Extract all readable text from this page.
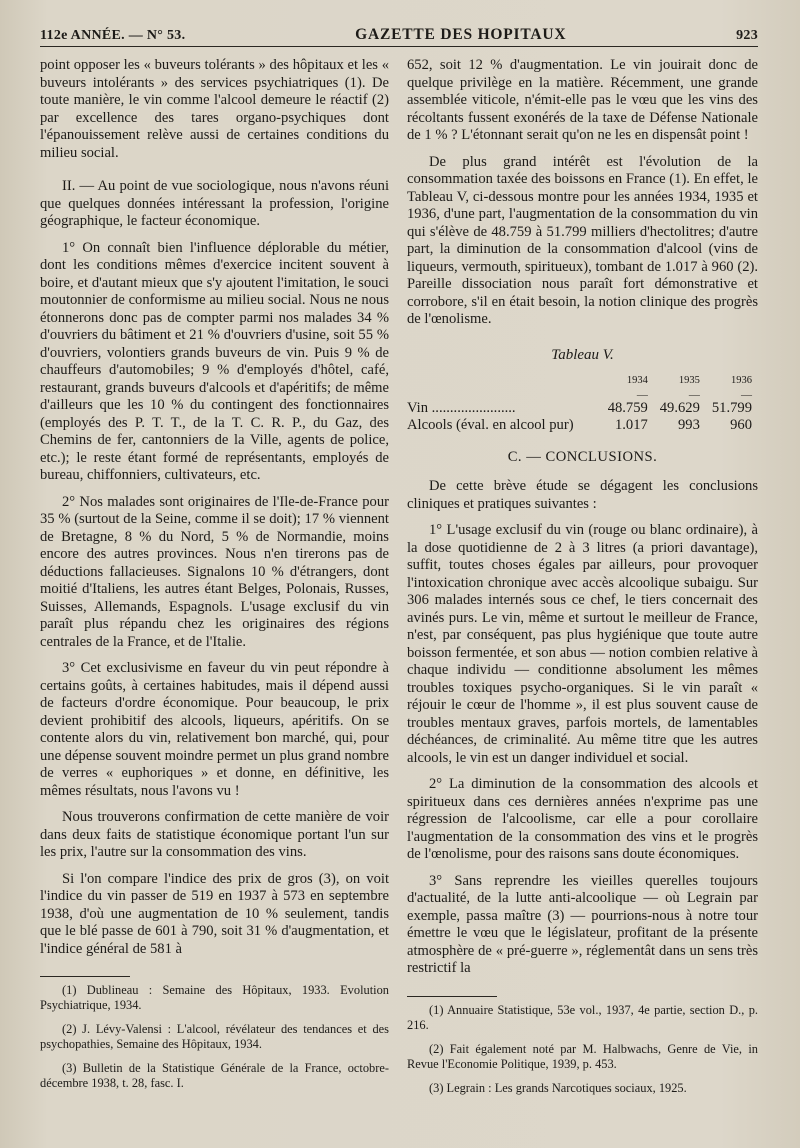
112e ANNÉE. — N° 53.	GAZETTE DES HOPITAUX	923

point opposer les « buveurs tolérants » des hôpitaux et les « buveurs intolérants » des services psychiatriques (1). De toute manière, le vin comme l'alcool demeure le réactif (2) par excellence des tares organo-psychiques dont l'épanouissement relève aussi de certaines conditions du milieu social.

II. — Au point de vue sociologique, nous n'avons réuni que quelques données intéressant la profession, l'origine géographique, le facteur économique.

1° On connaît bien l'influence déplorable du métier, dont les conditions mêmes d'exercice incitent souvent à boire, et d'autant mieux que s'y ajoutent l'imitation, le souci moutonnier de conformisme au milieu social. Nous ne nous étonnerons donc pas de compter parmi nos malades 34 % d'ouvriers du bâtiment et 21 % d'ouvriers d'usine, soit 55 % d'ouvriers, volontiers grands buveurs de vin. Puis 9 % de chauffeurs d'automobiles; 9 % d'employés d'hôtel, café, restaurant, grands buveurs d'alcools et d'apéritifs; de même d'ailleurs que les 10 % du contingent des fonctionnaires (employés des P. T. T., de la T. C. R. P., du Gaz, des Chemins de fer, cantonniers de la Ville, agents de police, etc.); le reste étant formé de représentants, employés de bureau, chiffonniers, cultivateurs, etc.

2° Nos malades sont originaires de l'Ile-de-France pour 35 % (surtout de la Seine, comme il se doit); 17 % viennent de Bretagne, 8 % du Nord, 5 % de Normandie, moins encore des autres provinces. Nous n'en tirerons pas de déductions fallacieuses. Signalons 10 % d'étrangers, dont moitié d'Italiens, les autres étant Belges, Polonais, Russes, Suisses, Allemands, Espagnols. L'usage exclusif du vin paraît plus répandu chez les originaires des régions centrales de la France, et de l'Italie.

3° Cet exclusivisme en faveur du vin peut répondre à certains goûts, à certaines habitudes, mais il dépend aussi de facteurs d'ordre économique. Pour beaucoup, le prix devient prohibitif des alcools, liqueurs, apéritifs. On se contente alors du vin, relativement bon marché, qui, pour une dépense souvent moindre permet un plus grand nombre de verres « euphoriques » et donne, en définitive, les mêmes résultats, nous l'avons vu !

Nous trouverons confirmation de cette manière de voir dans deux faits de statistique économique portant l'un sur les prix, l'autre sur la consommation des vins.

Si l'on compare l'indice des prix de gros (3), on voit l'indice du vin passer de 519 en 1937 à 573 en septembre 1938, d'où une augmentation de 10 % seulement, tandis que le blé passe de 601 à 790, soit 31 % d'augmentation, et l'indice général de 581 à

(1) Dublineau : Semaine des Hôpitaux, 1933. Evolution Psychiatrique, 1934.

(2) J. Lévy-Valensi : L'alcool, révélateur des tendances et des psychopathies, Semaine des Hôpitaux, 1934.

(3) Bulletin de la Statistique Générale de la France, octobre-décembre 1938, t. 28, fasc. I.

652, soit 12 % d'augmentation. Le vin jouirait donc de quelque privilège en la matière. Récemment, une grande assemblée viticole, n'émit-elle pas le vœu que les vins des récoltants fussent exonérés de la taxe de Défense Nationale de 1 % ? L'étonnant serait qu'on ne les en dispensât point !

De plus grand intérêt est l'évolution de la consommation taxée des boissons en France (1). En effet, le Tableau V, ci-dessous montre pour les années 1934, 1935 et 1936, d'une part, l'augmentation de la consommation du vin qui s'élève de 48.759 à 51.799 milliers d'hectolitres; d'autre part, la diminution de la consommation d'alcool (vins de liqueurs, vermouth, spiritueux), tombant de 1.017 à 960 (2). Pareille dissociation nous paraît fort démonstrative et corrobore, s'il en était besoin, la notion clinique des progrès de l'œnolisme.

Tableau V.
	1934	1935	1936
	—	—	—
Vin .......................	48.759	49.629	51.799
Alcools (éval. en alcool pur)	1.017	993	960
C. — CONCLUSIONS.

De cette brève étude se dégagent les conclusions cliniques et pratiques suivantes :

1° L'usage exclusif du vin (rouge ou blanc ordinaire), à la dose quotidienne de 2 à 3 litres (a priori davantage), suffit, toutes choses égales par ailleurs, pour provoquer l'intoxication chronique avec accès alcoolique subaigu. Sur 306 malades internés sous ce chef, le tiers concernait des avinés purs. Le vin, même et surtout le meilleur de France, n'est, par conséquent, pas plus hygiénique que toute autre boisson fermentée, et son abus — notion combien relative à chaque individu — conditionne absolument les mêmes troubles toxiques psycho-organiques. Si le vin paraît « réjouir le cœur de l'homme », il est plus souvent cause de troubles mentaux graves, parfois mortels, de lamentables déchéances, de criminalité. Au même titre que les autres alcools, le vin est un danger individuel et social.

2° La diminution de la consommation des alcools et spiritueux dans ces dernières années n'exprime pas une régression de l'alcoolisme, car elle a pour corollaire l'augmentation de la consommation des vins et le progrès de l'œnolisme, pour des raisons sans doute économiques.

3° Sans reprendre les vieilles querelles toujours d'actualité, de la lutte anti-alcoolique — où Legrain par exemple, passa maître (3) — pourrions-nous à notre tour émettre le vœu que le législateur, profitant de la présente atmosphère de « pré-guerre », réglementât dans un sens très restrictif la

(1) Annuaire Statistique, 53e vol., 1937, 4e partie, section D., p. 216.

(2) Fait également noté par M. Halbwachs, Genre de Vie, in Revue l'Economie Politique, 1939, p. 453.

(3) Legrain : Les grands Narcotiques sociaux, 1925.
